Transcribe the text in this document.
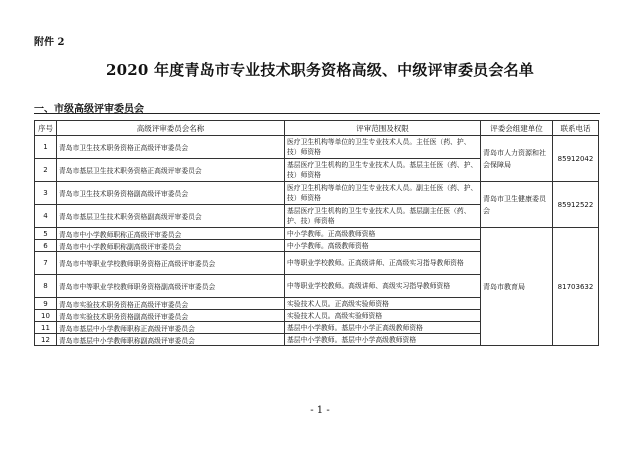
附件 2
2020 年度青岛市专业技术职务资格高级、中级评审委员会名单
一、市级高级评审委员会
序号	高级评审委员会名称	评审范围及权限	评委会组建单位	联系电话
1	青岛市卫生技术职务资格正高级评审委员会	医疗卫生机构等单位的卫生专业技术人员。主任医（药、护、技）师资格	青岛市人力资源和社会保障局	85912042
2	青岛市基层卫生技术职务资格正高级评审委员会	基层医疗卫生机构的卫生专业技术人员。基层主任医（药、护、技）师资格		
3	青岛市卫生技术职务资格副高级评审委员会	医疗卫生机构等单位的卫生专业技术人员。副主任医（药、护、技）师资格	青岛市卫生健康委员会	85912522
4	青岛市基层卫生技术职务资格副高级评审委员会	基层医疗卫生机构的卫生专业技术人员。基层副主任医（药、护、技）师资格		
5	青岛市中小学教师职称正高级评审委员会	中小学教师。正高级教师资格	青岛市教育局	81703632
6	青岛市中小学教师职称副高级评审委员会	中小学教师。高级教师资格		
7	青岛市中等职业学校教师职务资格正高级评审委员会	中等职业学校教师。正高级讲师、正高级实习指导教师资格		
8	青岛市中等职业学校教师职务资格副高级评审委员会	中等职业学校教师。高级讲师、高级实习指导教师资格		
9	青岛市实验技术职务资格正高级评审委员会	实验技术人员。正高级实验师资格		
10	青岛市实验技术职务资格副高级评审委员会	实验技术人员。高级实验师资格		
11	青岛市基层中小学教师职称正高级评审委员会	基层中小学教师。基层中小学正高级教师资格		
12	青岛市基层中小学教师职称副高级评审委员会	基层中小学教师。基层中小学高级教师资格		
- 1 -
